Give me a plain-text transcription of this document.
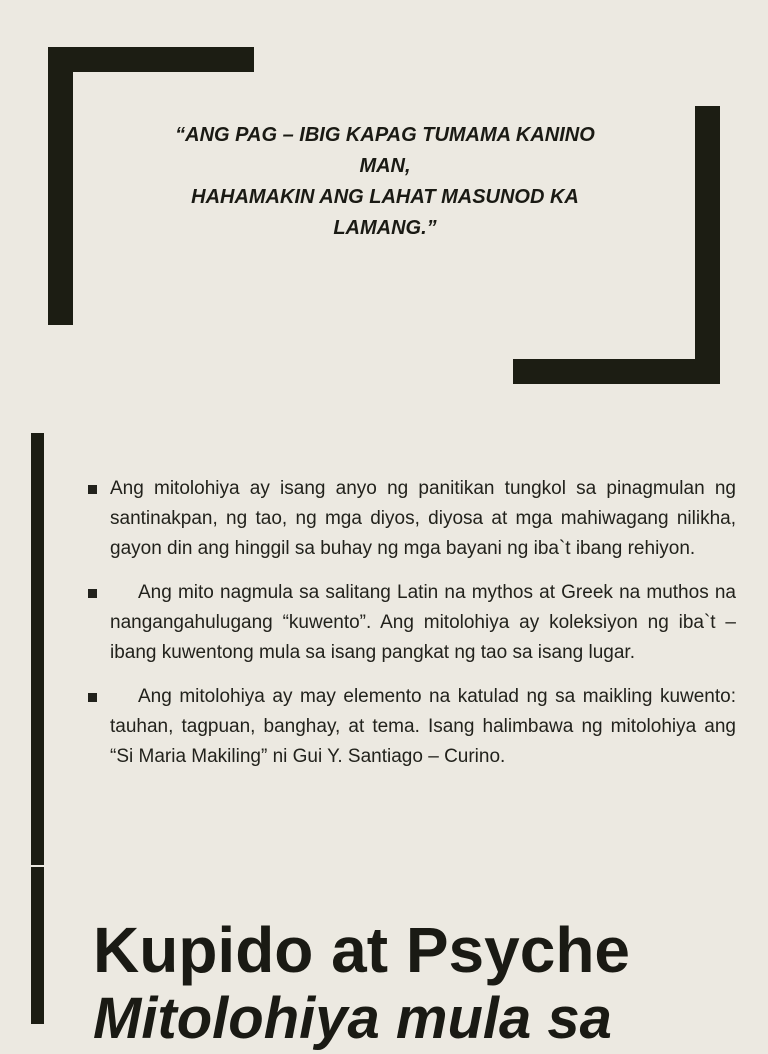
“ANG PAG – IBIG KAPAG TUMAMA KANINO
MAN,
HAHAMAKIN ANG LAHAT MASUNOD KA
LAMANG.”
Ang mitolohiya ay isang anyo ng panitikan tungkol sa pinagmulan ng santinakpan, ng tao, ng mga diyos, diyosa at mga mahiwagang nilikha, gayon din ang hinggil sa buhay ng mga bayani ng iba`t ibang rehiyon.
Ang mito nagmula sa salitang Latin na mythos at Greek na muthos na nangangahulugang “kuwento”. Ang mitolohiya ay koleksiyon ng iba`t – ibang kuwentong mula sa isang pangkat ng tao sa isang lugar.
Ang mitolohiya ay may elemento na katulad ng sa maikling kuwento: tauhan, tagpuan, banghay, at tema. Isang halimbawa ng mitolohiya ang “Si Maria Makiling” ni Gui Y. Santiago – Curino.
Kupido at Psyche
Mitolohiya mula sa
